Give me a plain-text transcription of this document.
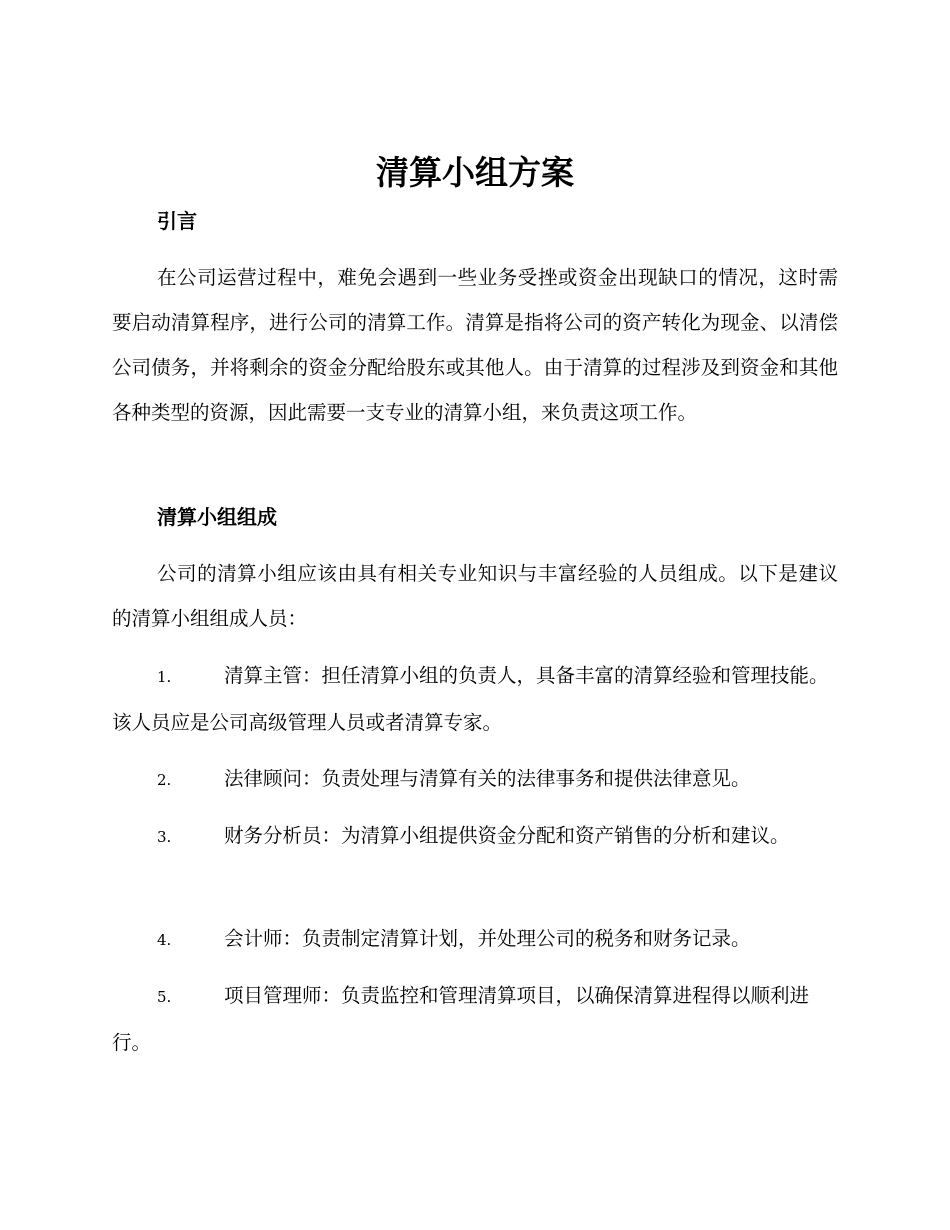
清算小组方案
引言

在公司运营过程中，难免会遇到一些业务受挫或资金出现缺口的情况，这时需要启动清算程序，进行公司的清算工作。清算是指将公司的资产转化为现金、以清偿公司债务，并将剩余的资金分配给股东或其他人。由于清算的过程涉及到资金和其他各种类型的资源，因此需要一支专业的清算小组，来负责这项工作。

清算小组组成

公司的清算小组应该由具有相关专业知识与丰富经验的人员组成。以下是建议的清算小组组成人员：

1.	清算主管：担任清算小组的负责人，具备丰富的清算经验和管理技能。该人员应是公司高级管理人员或者清算专家。
2.	法律顾问：负责处理与清算有关的法律事务和提供法律意见。
3.	财务分析员：为清算小组提供资金分配和资产销售的分析和建议。
4.	会计师：负责制定清算计划，并处理公司的税务和财务记录。
5.	项目管理师：负责监控和管理清算项目，以确保清算进程得以顺利进行。
